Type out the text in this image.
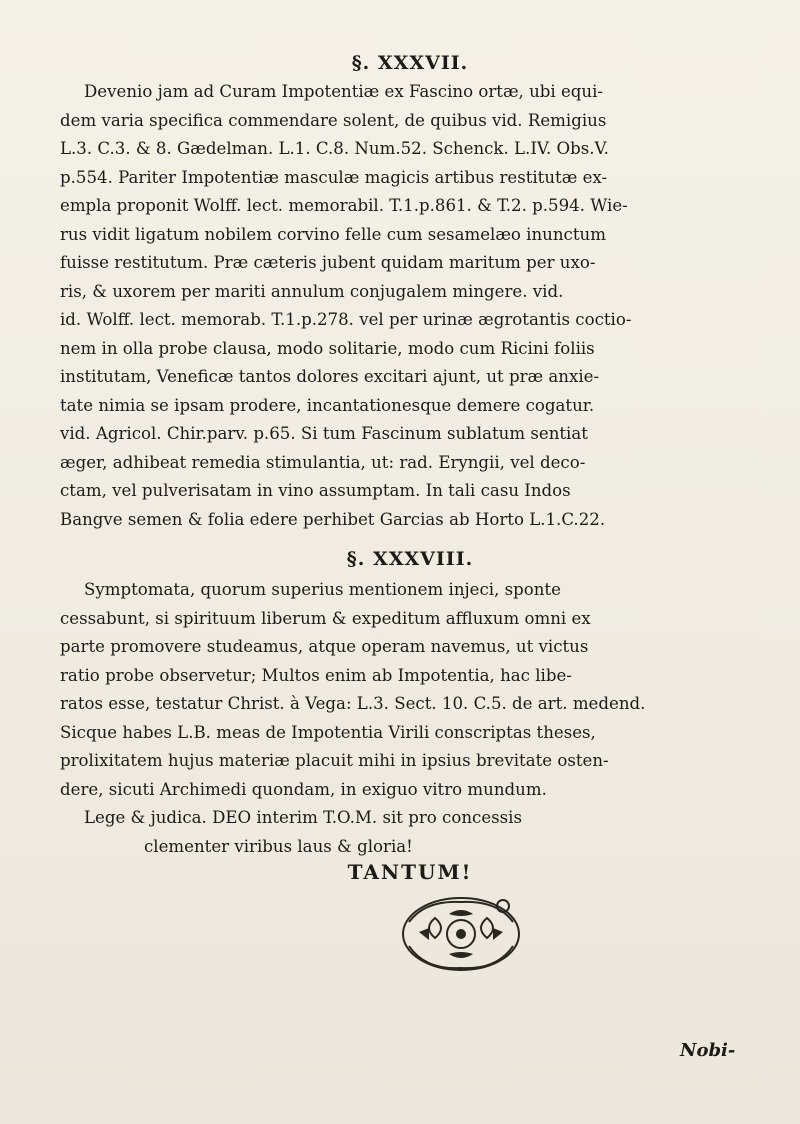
§. XXXVII.

Devenio jam ad Curam Impotentiæ ex Fascino ortæ, ubi equi-
dem varia specifica commendare solent, de quibus vid. Remigius
L.3. C.3. & 8. Gædelman. L.1. C.8. Num.52. Schenck. L.IV. Obs.V.
p.554. Pariter Impotentiæ masculæ magicis artibus restitutæ ex-
empla proponit Wolff. lect. memorabil. T.1.p.861. & T.2. p.594. Wie-
rus vidit ligatum nobilem corvino felle cum sesamelæo inunctum
fuisse restitutum. Præ cæteris jubent quidam maritum per uxo-
ris, & uxorem per mariti annulum conjugalem mingere. vid.
id. Wolff. lect. memorab. T.1.p.278. vel per urinæ ægrotantis coctio-
nem in olla probe clausa, modo solitarie, modo cum Ricini foliis
institutam, Veneficæ tantos dolores excitari ajunt, ut præ anxie-
tate nimia se ipsam prodere, incantationesque demere cogatur.
vid. Agricol. Chir.parv. p.65. Si tum Fascinum sublatum sentiat
æger, adhibeat remedia stimulantia, ut: rad. Eryngii, vel deco-
ctam, vel pulverisatam in vino assumptam. In tali casu Indos
Bangve semen & folia edere perhibet Garcias ab Horto L.1.C.22.

§. XXXVIII.

Symptomata, quorum superius mentionem injeci, sponte
cessabunt, si spirituum liberum & expeditum affluxum omni ex
parte promovere studeamus, atque operam navemus, ut victus
ratio probe observetur; Multos enim ab Impotentia, hac libe-
ratos esse, testatur Christ. à Vega: L.3. Sect. 10. C.5. de art. medend.
Sicque habes L.B. meas de Impotentia Virili conscriptas theses,
prolixitatem hujus materiæ placuit mihi in ipsius brevitate osten-
dere, sicuti Archimedi quondam, in exiguo vitro mundum.
Lege & judica. DEO interim T.O.M. sit pro concessis
clementer viribus laus & gloria!

TANTUM!
Nobi-
